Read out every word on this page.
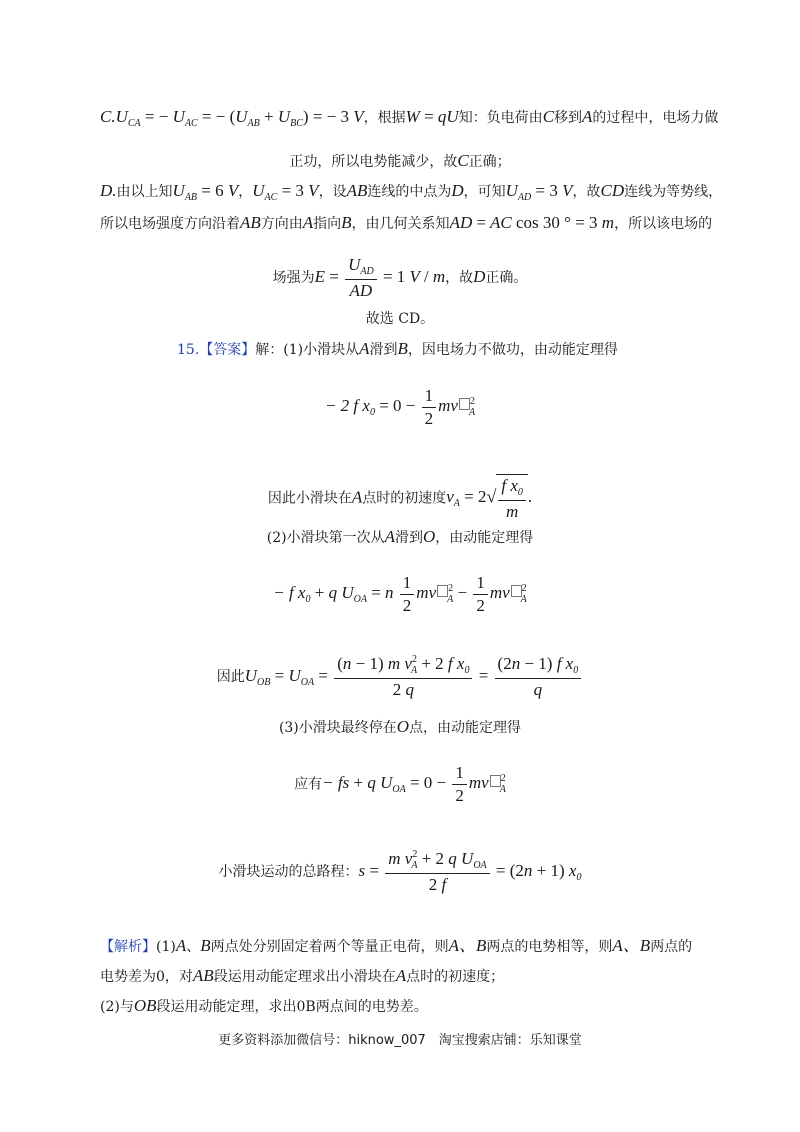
$C.U_{CA}$ = − $U_{AC}$ = − $(U_{AB} + U_{BC})$ = − 3 V，根据W = qU知：负电荷由C移到A的过程中，电场力做
正功，所以电势能减少，故C正确；
D.由以上知$U_{AB} = 6$ V，$U_{AC} = 3$ V，设AB连线的中点为D，可知$U_{AD} = 3$ V，故CD连线为等势线，
所以电场强度方向沿着AB方向由A指向B，由几何关系知AD = AC cos 30 ° = 3 m，所以该电场的
场强为$E = \frac{U_{AD}}{AD} = 1$ V / m，故D正确。
故选 CD。
15.【答案】解：(1)小滑块从A滑到B，因电场力不做功，由动能定理得
− 2 f $x_0 = 0 - \frac{1}{2}$ mv $^2_A$
因此小滑块在A点时的初速度$v_A = 2√ \frac{f x_0}{m}$ .
(2)小滑块第一次从A滑到O，由动能定理得
− f $x_0 + q$ $U_{OA} = n \frac{1}{2}$ mv $^2_A - \frac{1}{2}$ mv $^2_A$
因此$U_{OB} = U_{OA} = \frac{(n - 1) m v^2_A + 2 f x_0}{2 q} = \frac{(2n - 1) f x_0}{q}$
(3)小滑块最终停在O点，由动能定理得
应有− fs + q $U_{OA} = 0 - \frac{1}{2}$ mv $^2_A$
小滑块运动的总路程：$s = \frac{m v^2_A + 2 q U_{OA}}{2 f} = (2n + 1)$ $x_0$
【解析】(1)A、B两点处分别固定着两个等量正电荷，则A、B两点的电势相等，则A、B两点的
电势差为0，对AB段运用动能定理求出小滑块在A点时的初速度；
(2)与OB段运用动能定理，求出0B两点间的电势差。
更多资料添加微信号：hiknow_007　淘宝搜索店铺：乐知课堂
